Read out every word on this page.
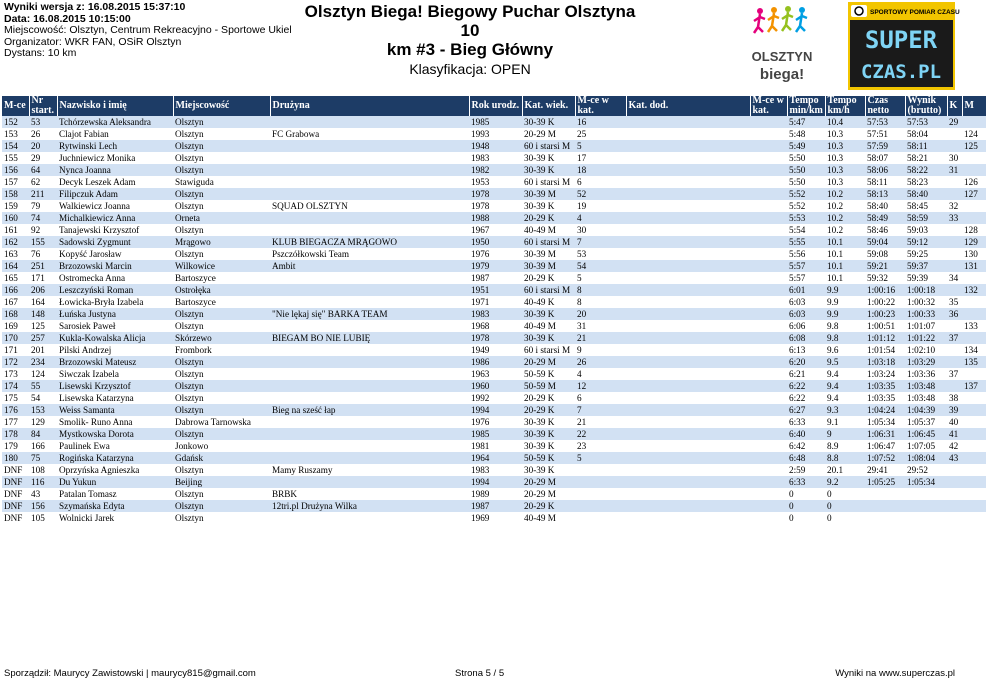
Wyniki wersja z: 16.08.2015 15:37:10
Data: 16.08.2015 10:15:00
Miejscowość: Olsztyn, Centrum Rekreacyjno - Sportowe Ukiel
Organizator: WKR FAN, OSiR Olsztyn
Dystans: 10 km
Olsztyn Biega! Biegowy Puchar Olsztyna 10
km #3 - Bieg Główny
Klasyfikacja: OPEN
OLSZTYN
biega!
SPORTOWY POMIAR CZASU
SUPER
CZAS.PL
M-ce	Nr start.	Nazwisko i imię	Miejscowość	Drużyna	Rok urodz.	Kat. wiek.	M-ce w kat.	Kat. dod.	M-ce w kat.	Tempo min/km	Tempo km/h	Czas netto	Wynik (brutto)	K	M
152	53	Tchórzewska Aleksandra	Olsztyn		1985	30-39 K	16			5:47	10.4	57:53	57:53	29	
153	26	Clajot Fabian	Olsztyn	FC Grabowa	1993	20-29 M	25			5:48	10.3	57:51	58:04		124
154	20	Rytwinski Lech	Olsztyn		1948	60 i starsi M	5			5:49	10.3	57:59	58:11		125
155	29	Juchniewicz Monika	Olsztyn		1983	30-39 K	17			5:50	10.3	58:07	58:21	30	
156	64	Nynca Joanna	Olsztyn		1982	30-39 K	18			5:50	10.3	58:06	58:22	31	
157	62	Decyk Leszek Adam	Stawiguda		1953	60 i starsi M	6			5:50	10.3	58:11	58:23		126
158	211	Filipczuk Adam	Olsztyn		1978	30-39 M	52			5:52	10.2	58:13	58:40		127
159	79	Walkiewicz Joanna	Olsztyn	SQUAD OLSZTYN	1978	30-39 K	19			5:52	10.2	58:40	58:45	32	
160	74	Michalkiewicz Anna	Orneta		1988	20-29 K	4			5:53	10.2	58:49	58:59	33	
161	92	Tanajewski Krzysztof	Olsztyn		1967	40-49 M	30			5:54	10.2	58:46	59:03		128
162	155	Sadowski Zygmunt	Mrągowo	KLUB BIEGACZA MRĄGOWO	1950	60 i starsi M	7			5:55	10.1	59:04	59:12		129
163	76	Kopyść Jarosław	Olsztyn	Pszczółkowski Team	1976	30-39 M	53			5:56	10.1	59:08	59:25		130
164	251	Brzozowski Marcin	Wilkowice	Ambit	1979	30-39 M	54			5:57	10.1	59:21	59:37		131
165	171	Ostromecka Anna	Bartoszyce		1987	20-29 K	5			5:57	10.1	59:32	59:39	34	
166	206	Leszczyński Roman	Ostrołęka		1951	60 i starsi M	8			6:01	9.9	1:00:16	1:00:18		132
167	164	Łowicka-Bryła Izabela	Bartoszyce		1971	40-49 K	8			6:03	9.9	1:00:22	1:00:32	35	
168	148	Łuńska Justyna	Olsztyn	"Nie lękaj się" BARKA TEAM	1983	30-39 K	20			6:03	9.9	1:00:23	1:00:33	36	
169	125	Sarosiek Paweł	Olsztyn		1968	40-49 M	31			6:06	9.8	1:00:51	1:01:07		133
170	257	Kukla-Kowalska Alicja	Skórzewo	BIEGAM BO NIE LUBIĘ	1978	30-39 K	21			6:08	9.8	1:01:12	1:01:22	37	
171	201	Pilski Andrzej	Frombork		1949	60 i starsi M	9			6:13	9.6	1:01:54	1:02:10		134
172	234	Brzozowski Mateusz	Olsztyn		1986	20-29 M	26			6:20	9.5	1:03:18	1:03:29		135
173	124	Siwczak Izabela	Olsztyn		1963	50-59 K	4			6:21	9.4	1:03:24	1:03:36	37	
174	55	Lisewski Krzysztof	Olsztyn		1960	50-59 M	12			6:22	9.4	1:03:35	1:03:48		137
175	54	Lisewska Katarzyna	Olsztyn		1992	20-29 K	6			6:22	9.4	1:03:35	1:03:48	38	
176	153	Weiss Samanta	Olsztyn	Bieg na sześć łap	1994	20-29 K	7			6:27	9.3	1:04:24	1:04:39	39	
177	129	Smolik- Runo Anna	Dabrowa Tarnowska		1976	30-39 K	21			6:33	9.1	1:05:34	1:05:37	40	
178	84	Mystkowska Dorota	Olsztyn		1985	30-39 K	22			6:40	9	1:06:31	1:06:45	41	
179	166	Paulinek Ewa	Jonkowo		1981	30-39 K	23			6:42	8.9	1:06:47	1:07:05	42	
180	75	Rogińska Katarzyna	Gdańsk		1964	50-59 K	5			6:48	8.8	1:07:52	1:08:04	43	
DNF	108	Oprzyńska Agnieszka	Olsztyn	Mamy Ruszamy	1983	30-39 K				2:59	20.1	29:41	29:52		
DNF	116	Du Yukun	Beijing		1994	20-29 M				6:33	9.2	1:05:25	1:05:34		
DNF	43	Patalan Tomasz	Olsztyn	BRBK	1989	20-29 M				0	0				
DNF	156	Szymańska Edyta	Olsztyn	12tri.pl Drużyna Wilka	1987	20-29 K				0	0				
DNF	105	Wolnicki Jarek	Olsztyn		1969	40-49 M				0	0				
Sporządził: Maurycy Zawistowski | maurycy815@gmail.com	Strona 5 / 5	Wyniki na www.superczas.pl
